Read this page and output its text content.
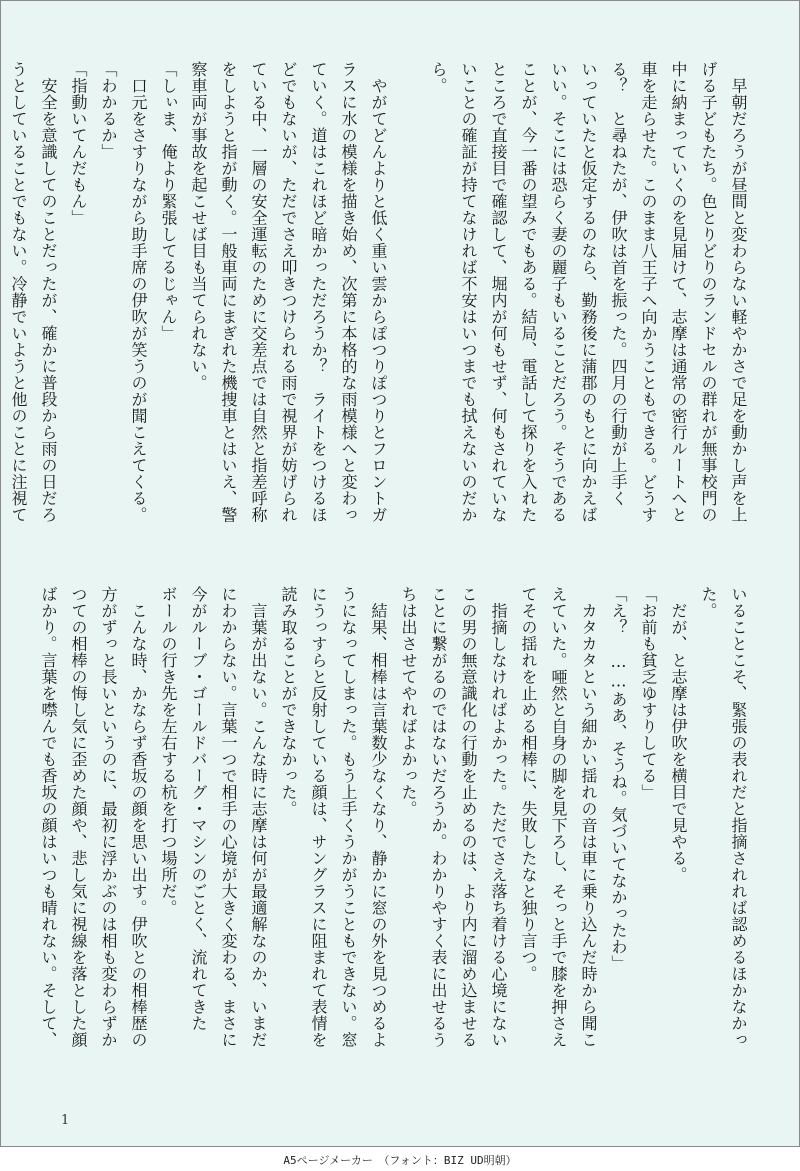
　早朝だろうが昼間と変わらない軽やかさで足を動かし声を上
げる子どもたち。色とりどりのランドセルの群れが無事校門の
中に納まっていくのを見届けて、志摩は通常の密行ルートへと
車を走らせた。このまま八王子へ向かうこともできる。どうす
る？　と尋ねたが、伊吹は首を振った。四月の行動が上手く
いっていたと仮定するのなら、勤務後に蒲郡のもとに向かえば
いい。そこには恐らく妻の麗子もいることだろう。そうである
ことが、今一番の望みでもある。結局、電話して探りを入れた
ところで直接目で確認して、堀内が何もせず、何もされていな
いことの確証が持てなければ不安はいつまでも拭えないのだか
ら。

　やがてどんよりと低く重い雲からぽつりぽつりとフロントガ
ラスに水の模様を描き始め、次第に本格的な雨模様へと変わっ
ていく。道はこれほど暗かっただろうか？　ライトをつけるほ
どでもないが、ただでさえ叩きつけられる雨で視界が妨げられ
ている中、一層の安全運転のために交差点では自然と指差呼称
をしようと指が動く。一般車両にまぎれた機捜車とはいえ、警
察車両が事故を起こせば目も当てられない。
「しぃま、俺より緊張してるじゃん」
　口元をさすりながら助手席の伊吹が笑うのが聞こえてくる。
「わかるか」
「指動いてんだもん」
　安全を意識してのことだったが、確かに普段から雨の日だろ
うとしていることでもない。冷静でいようと他のことに注視て
いることこそ、緊張の表れだと指摘されれば認めるほかなかっ
た。
　だが、と志摩は伊吹を横目で見やる。
「お前も貧乏ゆすりしてる」
「え？　……ああ、そうね。気づいてなかったわ」
　カタカタという細かい揺れの音は車に乗り込んだ時から聞こ
えていた。唖然と自身の脚を見下ろし、そっと手で膝を押さえ
てその揺れを止める相棒に、失敗したなと独り言つ。
　指摘しなければよかった。ただでさえ落ち着ける心境にない
この男の無意識化の行動を止めるのは、より内に溜め込ませる
ことに繋がるのではないだろうか。わかりやすく表に出せるう
ちは出させてやればよかった。
　結果、相棒は言葉数少なくなり、静かに窓の外を見つめるよ
うになってしまった。もう上手くうかがうこともできない。窓
にうっすらと反射している顔は、サングラスに阻まれて表情を
読み取ることができなかった。
　言葉が出ない。こんな時に志摩は何が最適解なのか、いまだ
にわからない。言葉一つで相手の心境が大きく変わる、まさに
今がルーブ・ゴールドバーグ・マシンのごとく、流れてきた
ボールの行き先を左右する杭を打つ場所だ。
　こんな時、かならず香坂の顔を思い出す。伊吹との相棒歴の
方がずっと長いというのに、最初に浮かぶのは相も変わらずか
つての相棒の悔し気に歪めた顔や、悲し気に視線を落とした顔
ばかり。言葉を噤んでも香坂の顔はいつも晴れない。そして、
1
A5ページメーカー　（フォント：BIZ UD明朝）
